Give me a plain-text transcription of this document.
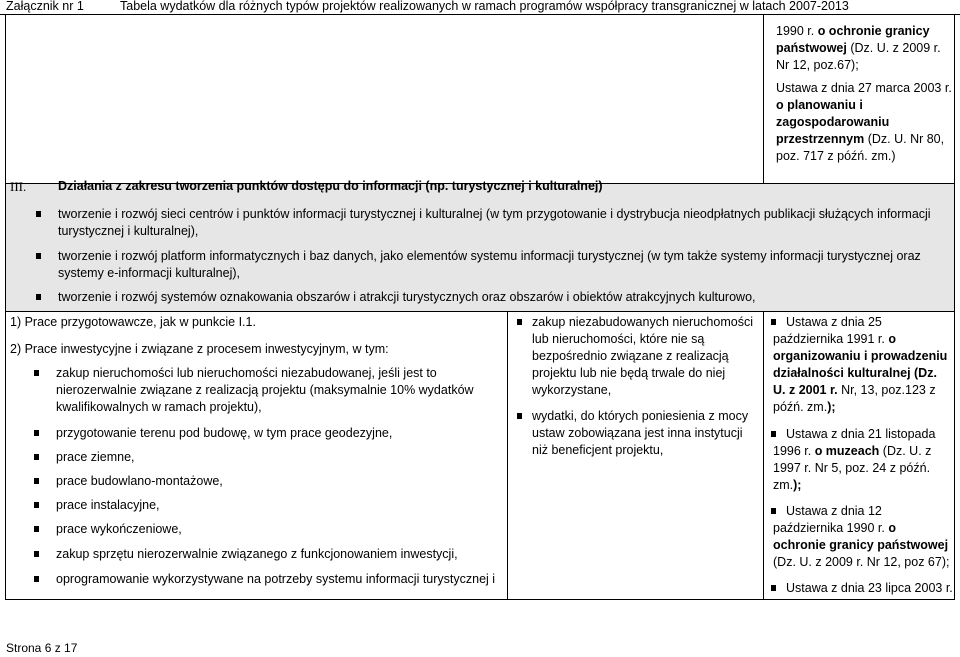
Załącznik nr 1	Tabela wydatków dla różnych typów projektów realizowanych w ramach programów współpracy transgranicznej w latach 2007-2013

1990 r. o ochronie granicy

państwowej (Dz. U. z 2009 r.

Nr 12, poz.67);

Ustawa z dnia 27 marca 2003 r.

o planowaniu i

zagospodarowaniu

przestrzennym (Dz. U. Nr 80,

poz. 717 z późń. zm.)

III.	Działania z zakresu tworzenia punktów dostępu do informacji (np. turystycznej i kulturalnej)

tworzenie i rozwój sieci centrów i punktów informacji turystycznej i kulturalnej (w tym przygotowanie i dystrybucja nieodpłatnych publikacji służących informacji

turystycznej i kulturalnej),

tworzenie i rozwój platform informatycznych i baz danych, jako elementów systemu informacji turystycznej (w tym także systemy informacji turystycznej oraz

systemy e-informacji kulturalnej),

tworzenie i rozwój systemów oznakowania obszarów i atrakcji turystycznych oraz obszarów i obiektów atrakcyjnych kulturowo,

1) Prace przygotowawcze, jak w punkcie I.1.
2) Prace inwestycyjne i związane z procesem inwestycyjnym, w tym:

zakup nieruchomości lub nieruchomości niezabudowanej, jeśli jest to

nierozerwalnie związane z realizacją projektu (maksymalnie 10% wydatków

kwalifikowalnych w ramach projektu),

przygotowanie terenu pod budowę, w tym prace geodezyjne,
prace ziemne,
prace budowlano-montażowe,
prace instalacyjne,
prace wykończeniowe,
zakup sprzętu nierozerwalnie związanego z funkcjonowaniem inwestycji,
oprogramowanie wykorzystywane na potrzeby systemu informacji turystycznej i

zakup niezabudowanych nieruchomości

lub nieruchomości, które nie są

bezpośrednio związane z realizacją

projektu lub nie będą trwale do niej

wykorzystane,

wydatki, do których poniesienia z mocy

ustaw zobowiązana jest inna instytucji

niż beneficjent projektu,

Ustawa z dnia 25

października 1991 r. o

organizowaniu i prowadzeniu

działalności kulturalnej (Dz.

U. z 2001 r. Nr, 13, poz.123 z

późń. zm.);

Ustawa z dnia 21 listopada

1996 r. o muzeach (Dz. U. z

1997 r. Nr 5, poz. 24 z późń.

zm.);

Ustawa z dnia 12

października 1990 r. o

ochronie granicy państwowej

(Dz. U. z 2009 r. Nr 12, poz 67);

Ustawa z dnia 23 lipca 2003 r.
Strona 6 z 17
